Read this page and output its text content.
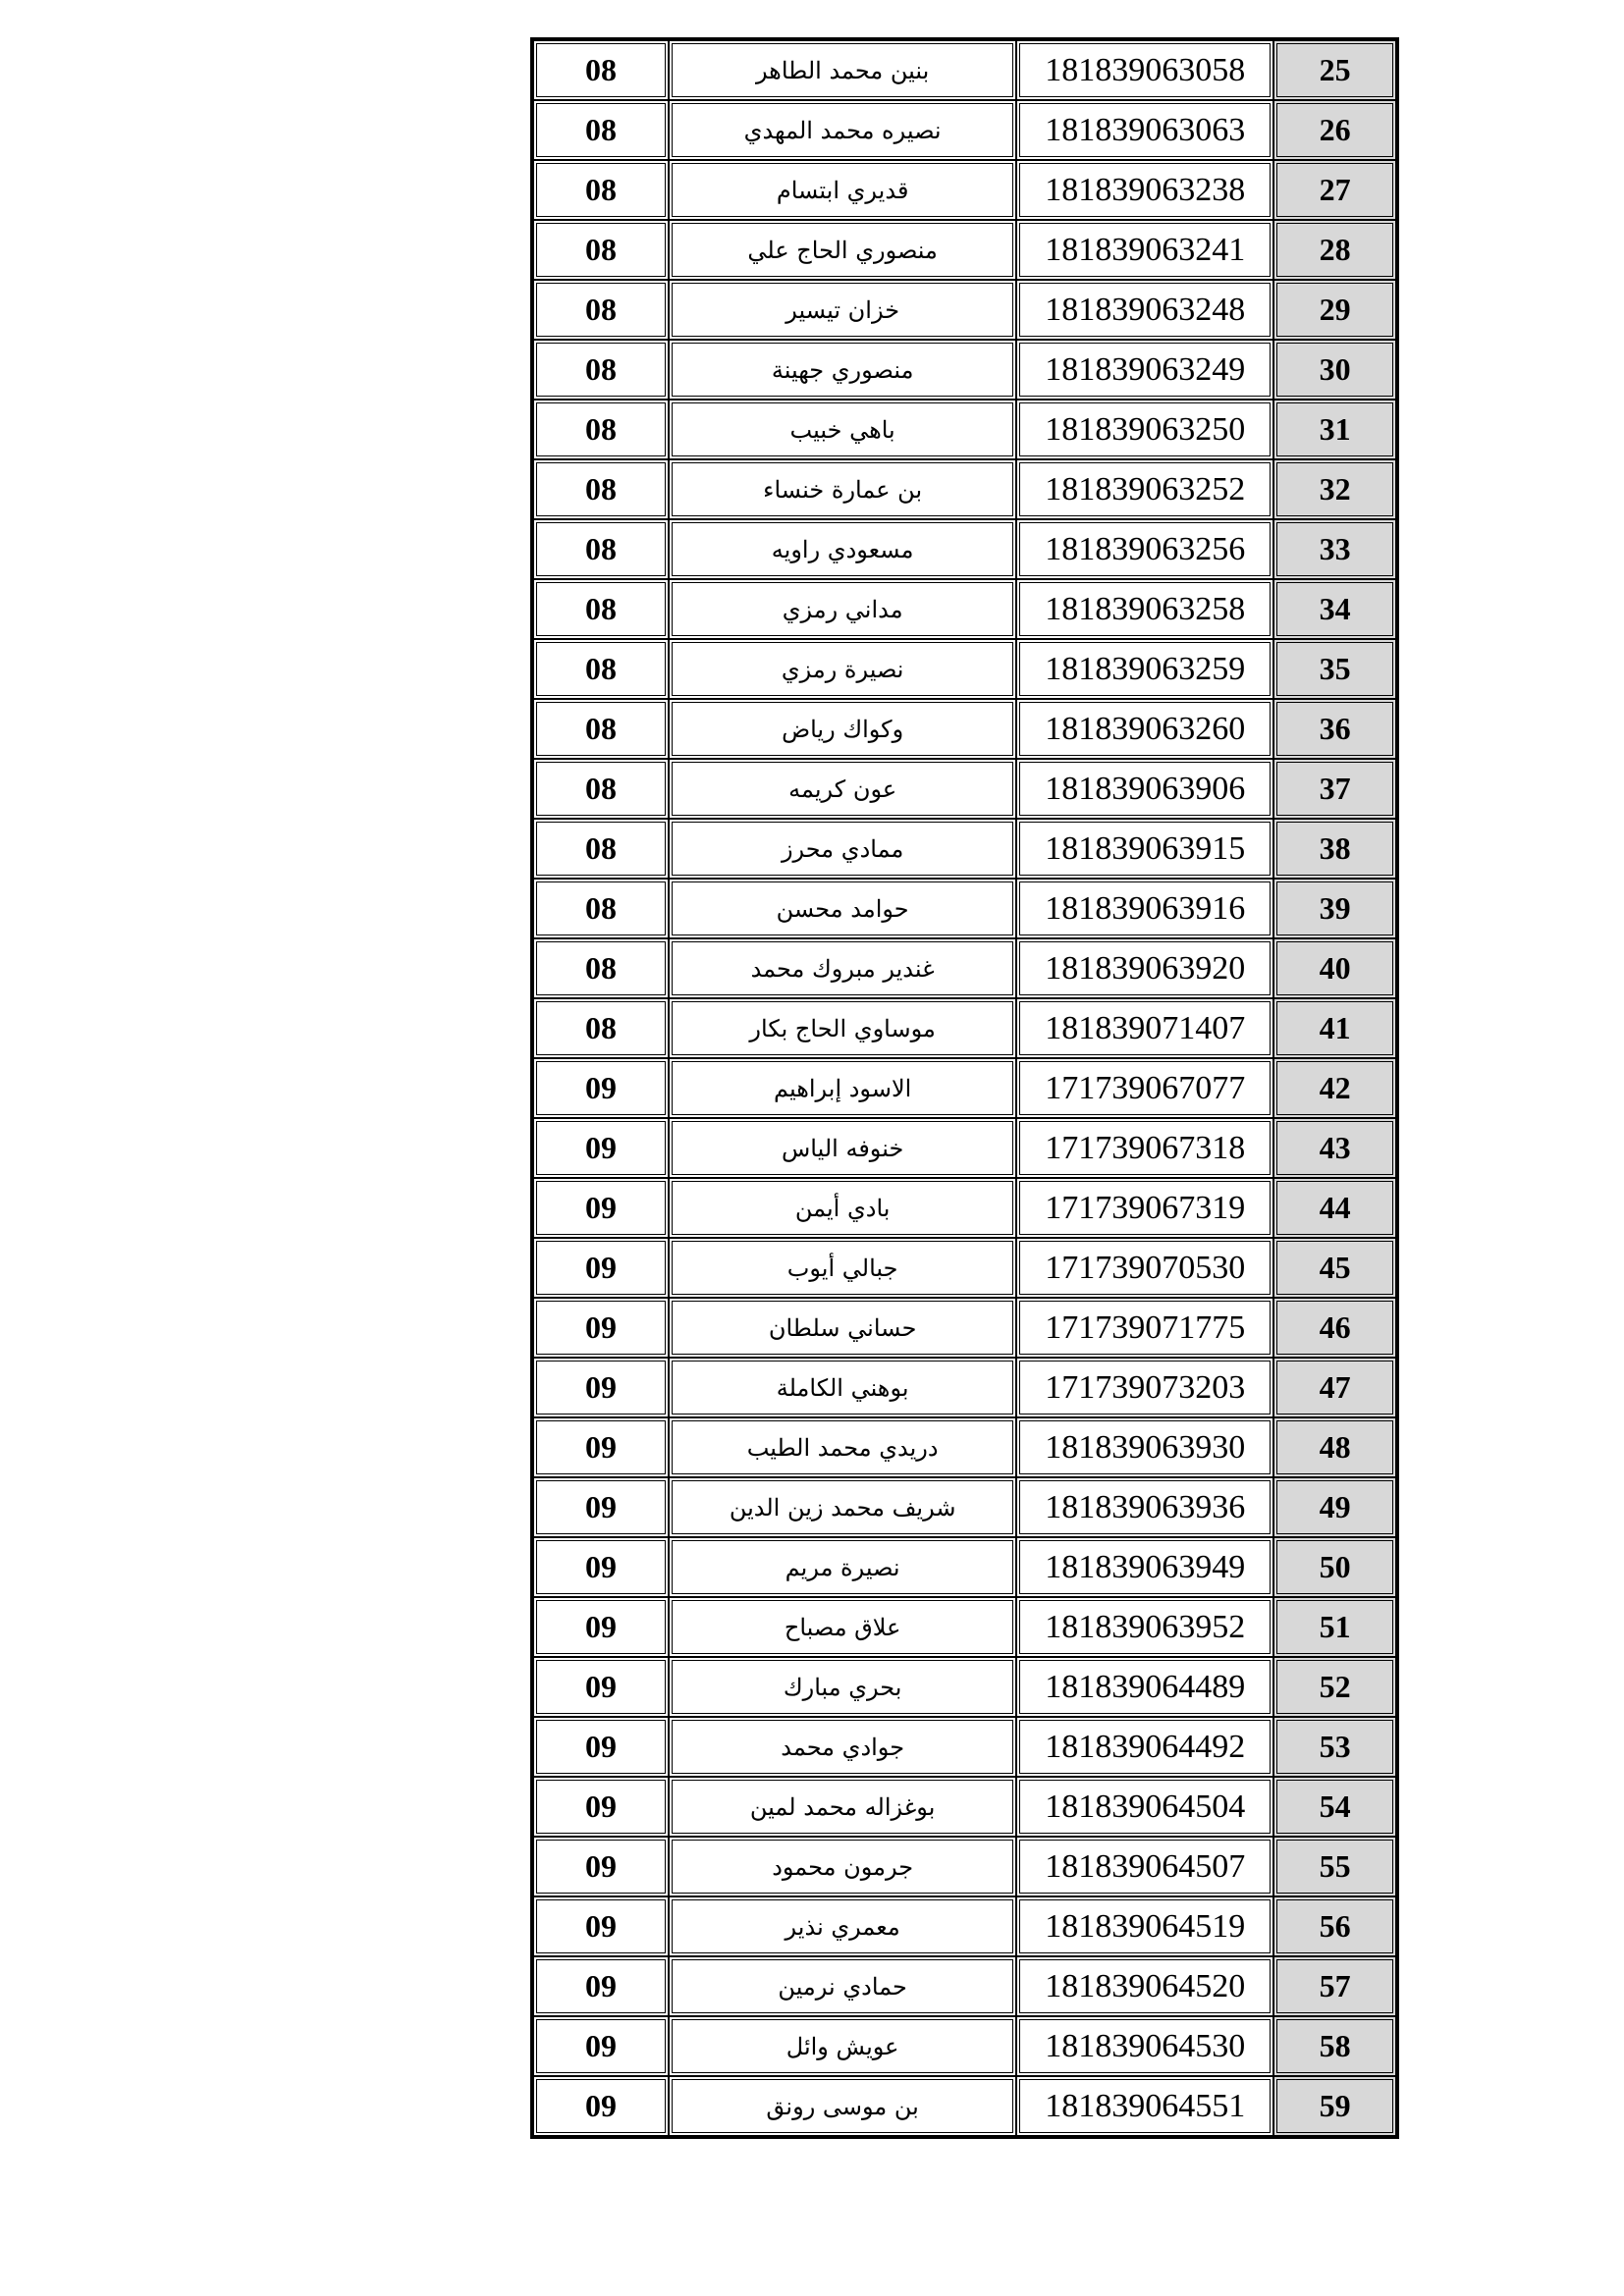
08	بنين محمد الطاهر	181839063058	25
08	نصيره محمد المهدي	181839063063	26
08	قديري ابتسام	181839063238	27
08	منصوري الحاج علي	181839063241	28
08	خزان تيسير	181839063248	29
08	منصوري جهينة	181839063249	30
08	باهي خبيب	181839063250	31
08	بن عمارة خنساء	181839063252	32
08	مسعودي راويه	181839063256	33
08	مداني رمزي	181839063258	34
08	نصيرة رمزي	181839063259	35
08	وكواك رياض	181839063260	36
08	عون كريمه	181839063906	37
08	ممادي محرز	181839063915	38
08	حوامد محسن	181839063916	39
08	غندير مبروك محمد	181839063920	40
08	موساوي الحاج بكار	181839071407	41
09	الاسود إبراهيم	171739067077	42
09	خنوفه الياس	171739067318	43
09	بادي أيمن	171739067319	44
09	جبالي أيوب	171739070530	45
09	حساني سلطان	171739071775	46
09	بوهني الكاملة	171739073203	47
09	دريدي محمد الطيب	181839063930	48
09	شريف محمد زين الدين	181839063936	49
09	نصيرة مريم	181839063949	50
09	علاق مصباح	181839063952	51
09	بحري مبارك	181839064489	52
09	جوادي محمد	181839064492	53
09	بوغزاله محمد لمين	181839064504	54
09	جرمون محمود	181839064507	55
09	معمري نذير	181839064519	56
09	حمادي نرمين	181839064520	57
09	عويش وائل	181839064530	58
09	بن موسى رونق	181839064551	59
